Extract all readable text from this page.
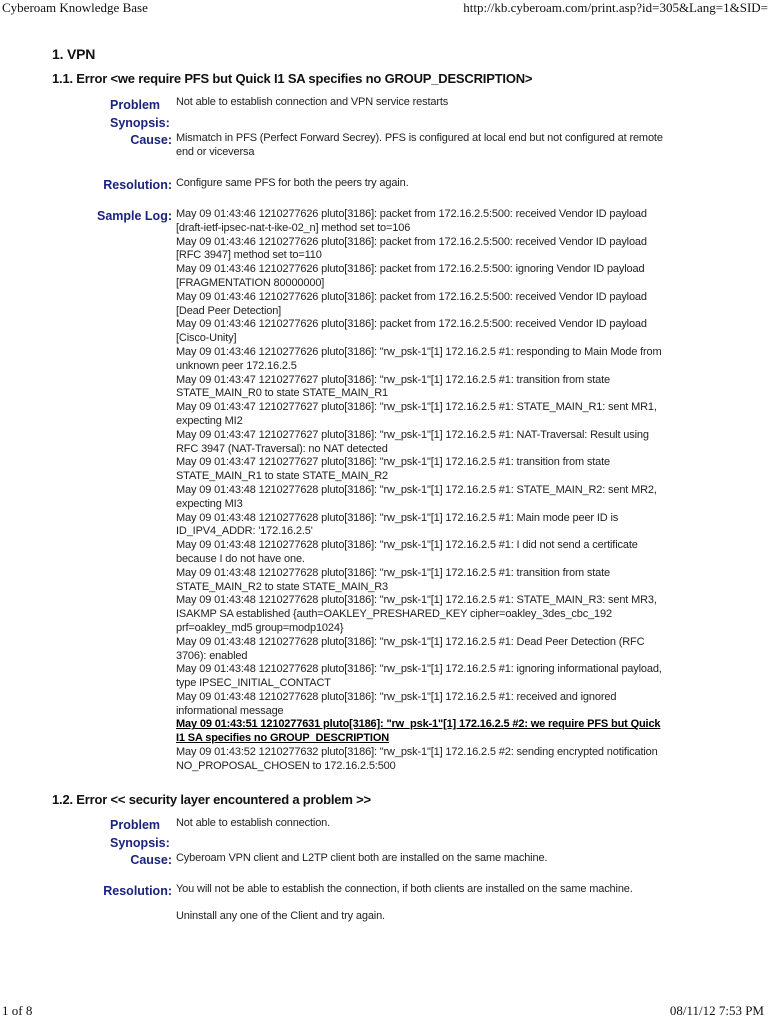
Cyberoam Knowledge Base	http://kb.cyberoam.com/print.asp?id=305&Lang=1&SID=
1. VPN
1.1. Error <we require PFS but Quick I1 SA specifies no GROUP_DESCRIPTION>
Problem
Synopsis:
Not able to establish connection and VPN service restarts
Cause: Mismatch in PFS (Perfect Forward Secrey). PFS is configured at local end but not configured at remote
end or viceversa
Resolution: Configure same PFS for both the peers try again.
Sample Log: May 09 01:43:46 1210277626 pluto[3186]: packet from 172.16.2.5:500: received Vendor ID payload
[draft-ietf-ipsec-nat-t-ike-02_n] method set to=106
May 09 01:43:46 1210277626 pluto[3186]: packet from 172.16.2.5:500: received Vendor ID payload
[RFC 3947] method set to=110
May 09 01:43:46 1210277626 pluto[3186]: packet from 172.16.2.5:500: ignoring Vendor ID payload
[FRAGMENTATION 80000000]
May 09 01:43:46 1210277626 pluto[3186]: packet from 172.16.2.5:500: received Vendor ID payload
[Dead Peer Detection]
May 09 01:43:46 1210277626 pluto[3186]: packet from 172.16.2.5:500: received Vendor ID payload
[Cisco-Unity]
May 09 01:43:46 1210277626 pluto[3186]: "rw_psk-1"[1] 172.16.2.5 #1: responding to Main Mode from
unknown peer 172.16.2.5
May 09 01:43:47 1210277627 pluto[3186]: "rw_psk-1"[1] 172.16.2.5 #1: transition from state
STATE_MAIN_R0 to state STATE_MAIN_R1
May 09 01:43:47 1210277627 pluto[3186]: "rw_psk-1"[1] 172.16.2.5 #1: STATE_MAIN_R1: sent MR1,
expecting MI2
May 09 01:43:47 1210277627 pluto[3186]: "rw_psk-1"[1] 172.16.2.5 #1: NAT-Traversal: Result using
RFC 3947 (NAT-Traversal): no NAT detected
May 09 01:43:47 1210277627 pluto[3186]: "rw_psk-1"[1] 172.16.2.5 #1: transition from state
STATE_MAIN_R1 to state STATE_MAIN_R2
May 09 01:43:48 1210277628 pluto[3186]: "rw_psk-1"[1] 172.16.2.5 #1: STATE_MAIN_R2: sent MR2,
expecting MI3
May 09 01:43:48 1210277628 pluto[3186]: "rw_psk-1"[1] 172.16.2.5 #1: Main mode peer ID is
ID_IPV4_ADDR: '172.16.2.5'
May 09 01:43:48 1210277628 pluto[3186]: "rw_psk-1"[1] 172.16.2.5 #1: I did not send a certificate
because I do not have one.
May 09 01:43:48 1210277628 pluto[3186]: "rw_psk-1"[1] 172.16.2.5 #1: transition from state
STATE_MAIN_R2 to state STATE_MAIN_R3
May 09 01:43:48 1210277628 pluto[3186]: "rw_psk-1"[1] 172.16.2.5 #1: STATE_MAIN_R3: sent MR3,
ISAKMP SA established {auth=OAKLEY_PRESHARED_KEY cipher=oakley_3des_cbc_192
prf=oakley_md5 group=modp1024}
May 09 01:43:48 1210277628 pluto[3186]: "rw_psk-1"[1] 172.16.2.5 #1: Dead Peer Detection (RFC
3706): enabled
May 09 01:43:48 1210277628 pluto[3186]: "rw_psk-1"[1] 172.16.2.5 #1: ignoring informational payload,
type IPSEC_INITIAL_CONTACT
May 09 01:43:48 1210277628 pluto[3186]: "rw_psk-1"[1] 172.16.2.5 #1: received and ignored
informational message
May 09 01:43:51 1210277631 pluto[3186]: "rw_psk-1"[1] 172.16.2.5 #2: we require PFS but Quick
I1 SA specifies no GROUP_DESCRIPTION
May 09 01:43:52 1210277632 pluto[3186]: "rw_psk-1"[1] 172.16.2.5 #2: sending encrypted notification
NO_PROPOSAL_CHOSEN to 172.16.2.5:500
1.2. Error << security layer encountered a problem >>
Problem
Synopsis:
Not able to establish connection.
Cause: Cyberoam VPN client and L2TP client both are installed on the same machine.
Resolution: You will not be able to establish the connection, if both clients are installed on the same machine.
Uninstall any one of the Client and try again.
1 of 8	08/11/12 7:53 PM
